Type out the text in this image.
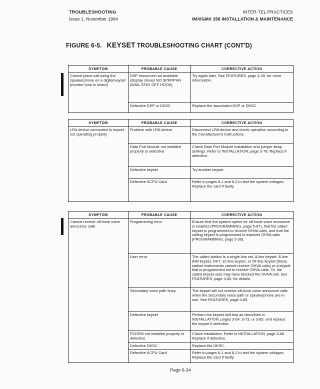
TROUBLESHOOTING
Issue 1, November 1994
INTER-TEL PRACTICES
IMX/GMX 256 INSTALLATION & MAINTENANCE
FIGURE 6-5. KEYSET TROUBLESHOOTING CHART (CONT'D)
SYMPTOM	PROBABLE CAUSE	CORRECTIVE ACTION
Cannot place call using the speakerphone on a digital keyset (reorder tone is heard)	DSP resources not available (display shows NO SPKRPHN AVAIL STAY OFF HOOK)	Try again later. See FEATURES, page 4-40, for more information.
	Defective DSP or DKSC	Replace the associated DSP or DKSC.
SYMPTOM	PROBABLE CAUSE	CORRECTIVE ACTION
LRA device connected to keyset not operating properly	Problem with LRA device	Disconnect LRA device and check operation according to the manufacturer's instructions.
	Data Port Module not installed properly or defective	Check Data Port Module installation and jumper strap settings. Refer to INSTALLATION, page 3-78. Replace if defective.
	Defective keyset	Try another keyset.
	Defective KCPU Card	Refer to pages 6-1 and 6-2 to test the system voltages. Replace the card if faulty.
SYMPTOM	PROBABLE CAUSE	CORRECTIVE ACTION
Cannot receive off-hook voice announce calls	Programming error	Ensure that the system option for off-hook voice announce is enabled (PROGRAMMING, page 5-67), that the called keyset is programmed to receive OHVA calls, and that the calling keyset is programmed to transmit OHVA calls (PROGRAMMING, page 5-36).
	User error	The called station is a single-line set, 8-line keyset, 8-line AIM keyset, DKT, 12-line keyset, or 24-line keyset (these station instruments cannot receive OHVA calls) or a keyset that is programmed not to receive OHVA calls. Or, the called keyset user may have blocked the OHVA call. See FEATURES, page 4-65, for details.
	Secondary voice path busy	The keyset will not receive off-hook voice announce calls when the secondary voice path or speakerphone are in use. See FEATURES, page 4-65.
	Defective keyset	Perform the keyset self-test as described in INSTALLATION, pages 3-64, 3-73, or 3-85, and replace the keyset if defective.
	PCDPM not installed properly or defective	Check installation. Refer to INSTALLATION, page 3-66. Replace if defective.
	Defective DKSC	Replace the DKSC.
	Defective KCPU Card	Refer to pages 6-1 and 6-2 to test the system voltages. Replace the card if faulty.
Page 6-34
